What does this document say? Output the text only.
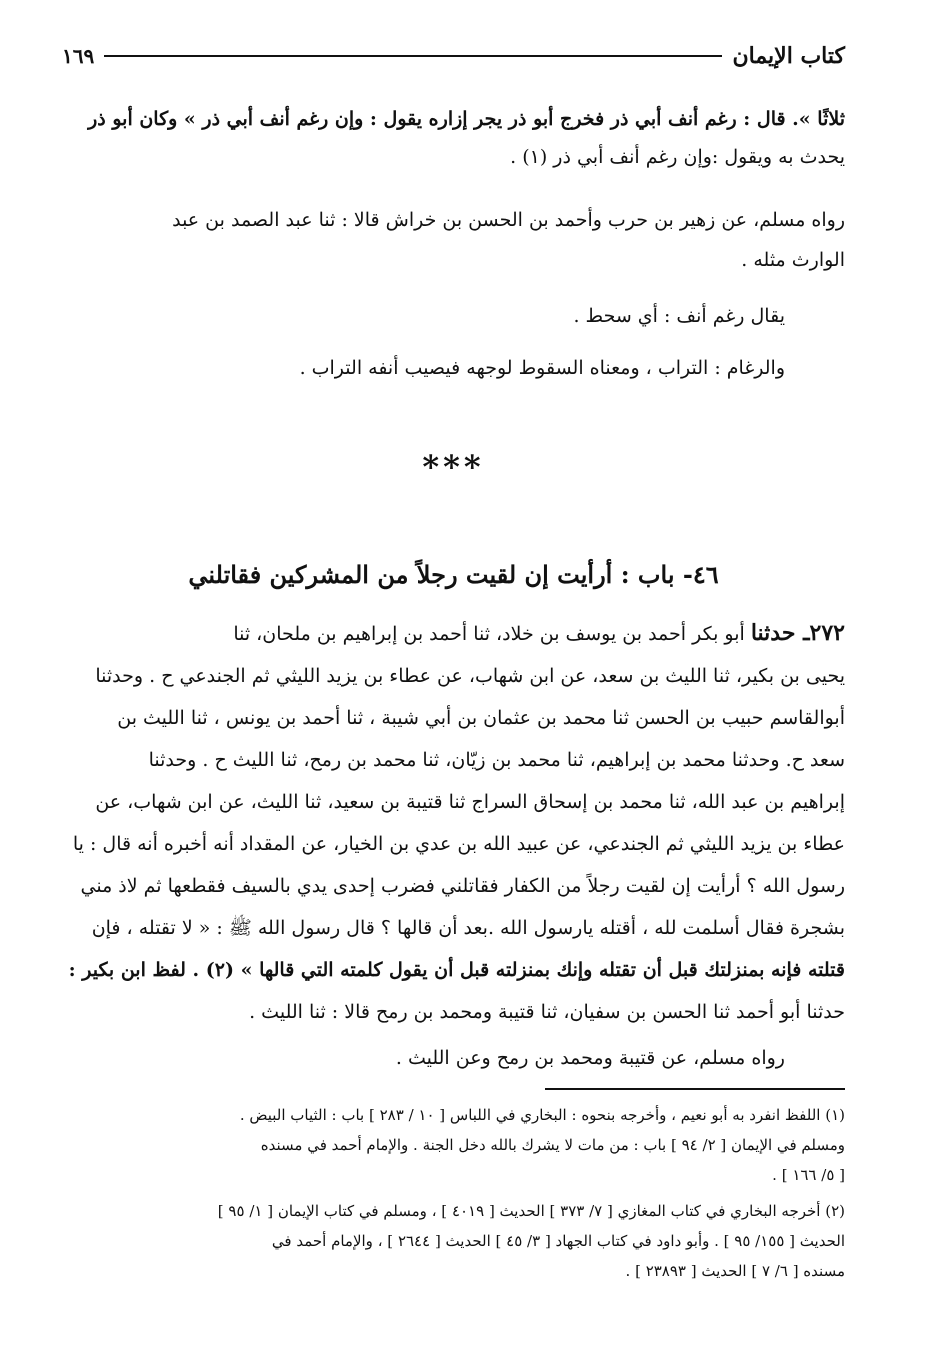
كتاب الإيمان
١٦٩
ثلاثًا ». قال : رغم أنف أبي ذر فخرج أبو ذر يجر إزاره يقول : وإن رغم أنف أبي ذر » وكان أبو ذر
يحدث به ويقول :وإن رغم أنف أبي ذر (١) .
رواه مسلم، عن زهير بن حرب وأحمد بن الحسن بن خراش قالا : ثنا عبد الصمد بن عبد
الوارث مثله .
يقال رغم أنف : أي سحط .
والرغام : التراب ، ومعناه السقوط لوجهه فيصيب أنفه التراب .
***
٤٦- باب : أرأيت إن لقيت رجلاً من المشركين فقاتلني
٢٧٢ـ حدثنا أبو بكر أحمد بن يوسف بن خلاد، ثنا أحمد بن إبراهيم بن ملحان، ثنا
يحيى بن بكير، ثنا الليث بن سعد، عن ابن شهاب، عن عطاء بن يزيد الليثي ثم الجندعي ح . وحدثنا
أبوالقاسم حبيب بن الحسن ثنا محمد بن عثمان بن أبي شيبة ، ثنا أحمد بن يونس ، ثنا الليث بن
سعد ح. وحدثنا محمد بن إبراهيم، ثنا محمد بن زيّان، ثنا محمد بن رمح، ثنا الليث ح . وحدثنا
إبراهيم بن عبد الله، ثنا محمد بن إسحاق السراج ثنا قتيبة بن سعيد، ثنا الليث، عن ابن شهاب، عن
عطاء بن يزيد الليثي ثم الجندعي، عن عبيد الله بن عدي بن الخيار، عن المقداد أنه أخبره أنه قال : يا
رسول الله ؟ أرأيت إن لقيت رجلاً من الكفار فقاتلني فضرب إحدى يدي بالسيف فقطعها ثم لاذ مني
بشجرة فقال أسلمت لله ، أقتله يارسول الله .بعد أن قالها ؟ قال رسول الله ﷺ : « لا تقتله ، فإن
قتلته فإنه بمنزلتك قبل أن تقتله وإنك بمنزلته قبل أن يقول كلمته التي قالها » (٢) . لفظ ابن بكير :
حدثنا أبو أحمد ثنا الحسن بن سفيان، ثنا قتيبة ومحمد بن رمح قالا : ثنا الليث .
رواه مسلم، عن قتيبة ومحمد بن رمح وعن الليث .
(١) اللفظ انفرد به أبو نعيم ، وأخرجه بنحوه : البخاري في اللباس [ ١٠ / ٢٨٣ ] باب : الثياب البيض .
ومسلم في الإيمان [ ٢/ ٩٤ ] باب : من مات لا يشرك بالله دخل الجنة . والإمام أحمد في مسنده
[ ٥/ ١٦٦ ] .
(٢) أخرجه البخاري في كتاب المغازي [ ٧/ ٣٧٣ ] الحديث [ ٤٠١٩ ] ، ومسلم في كتاب الإيمان [ ١/ ٩٥ ]
الحديث [ ١٥٥/ ٩٥ ] . وأبو داود في كتاب الجهاد [ ٣/ ٤٥ ] الحديث [ ٢٦٤٤ ] ، والإمام أحمد في
مسنده [ ٦/ ٧ ] الحديث [ ٢٣٨٩٣ ] .
